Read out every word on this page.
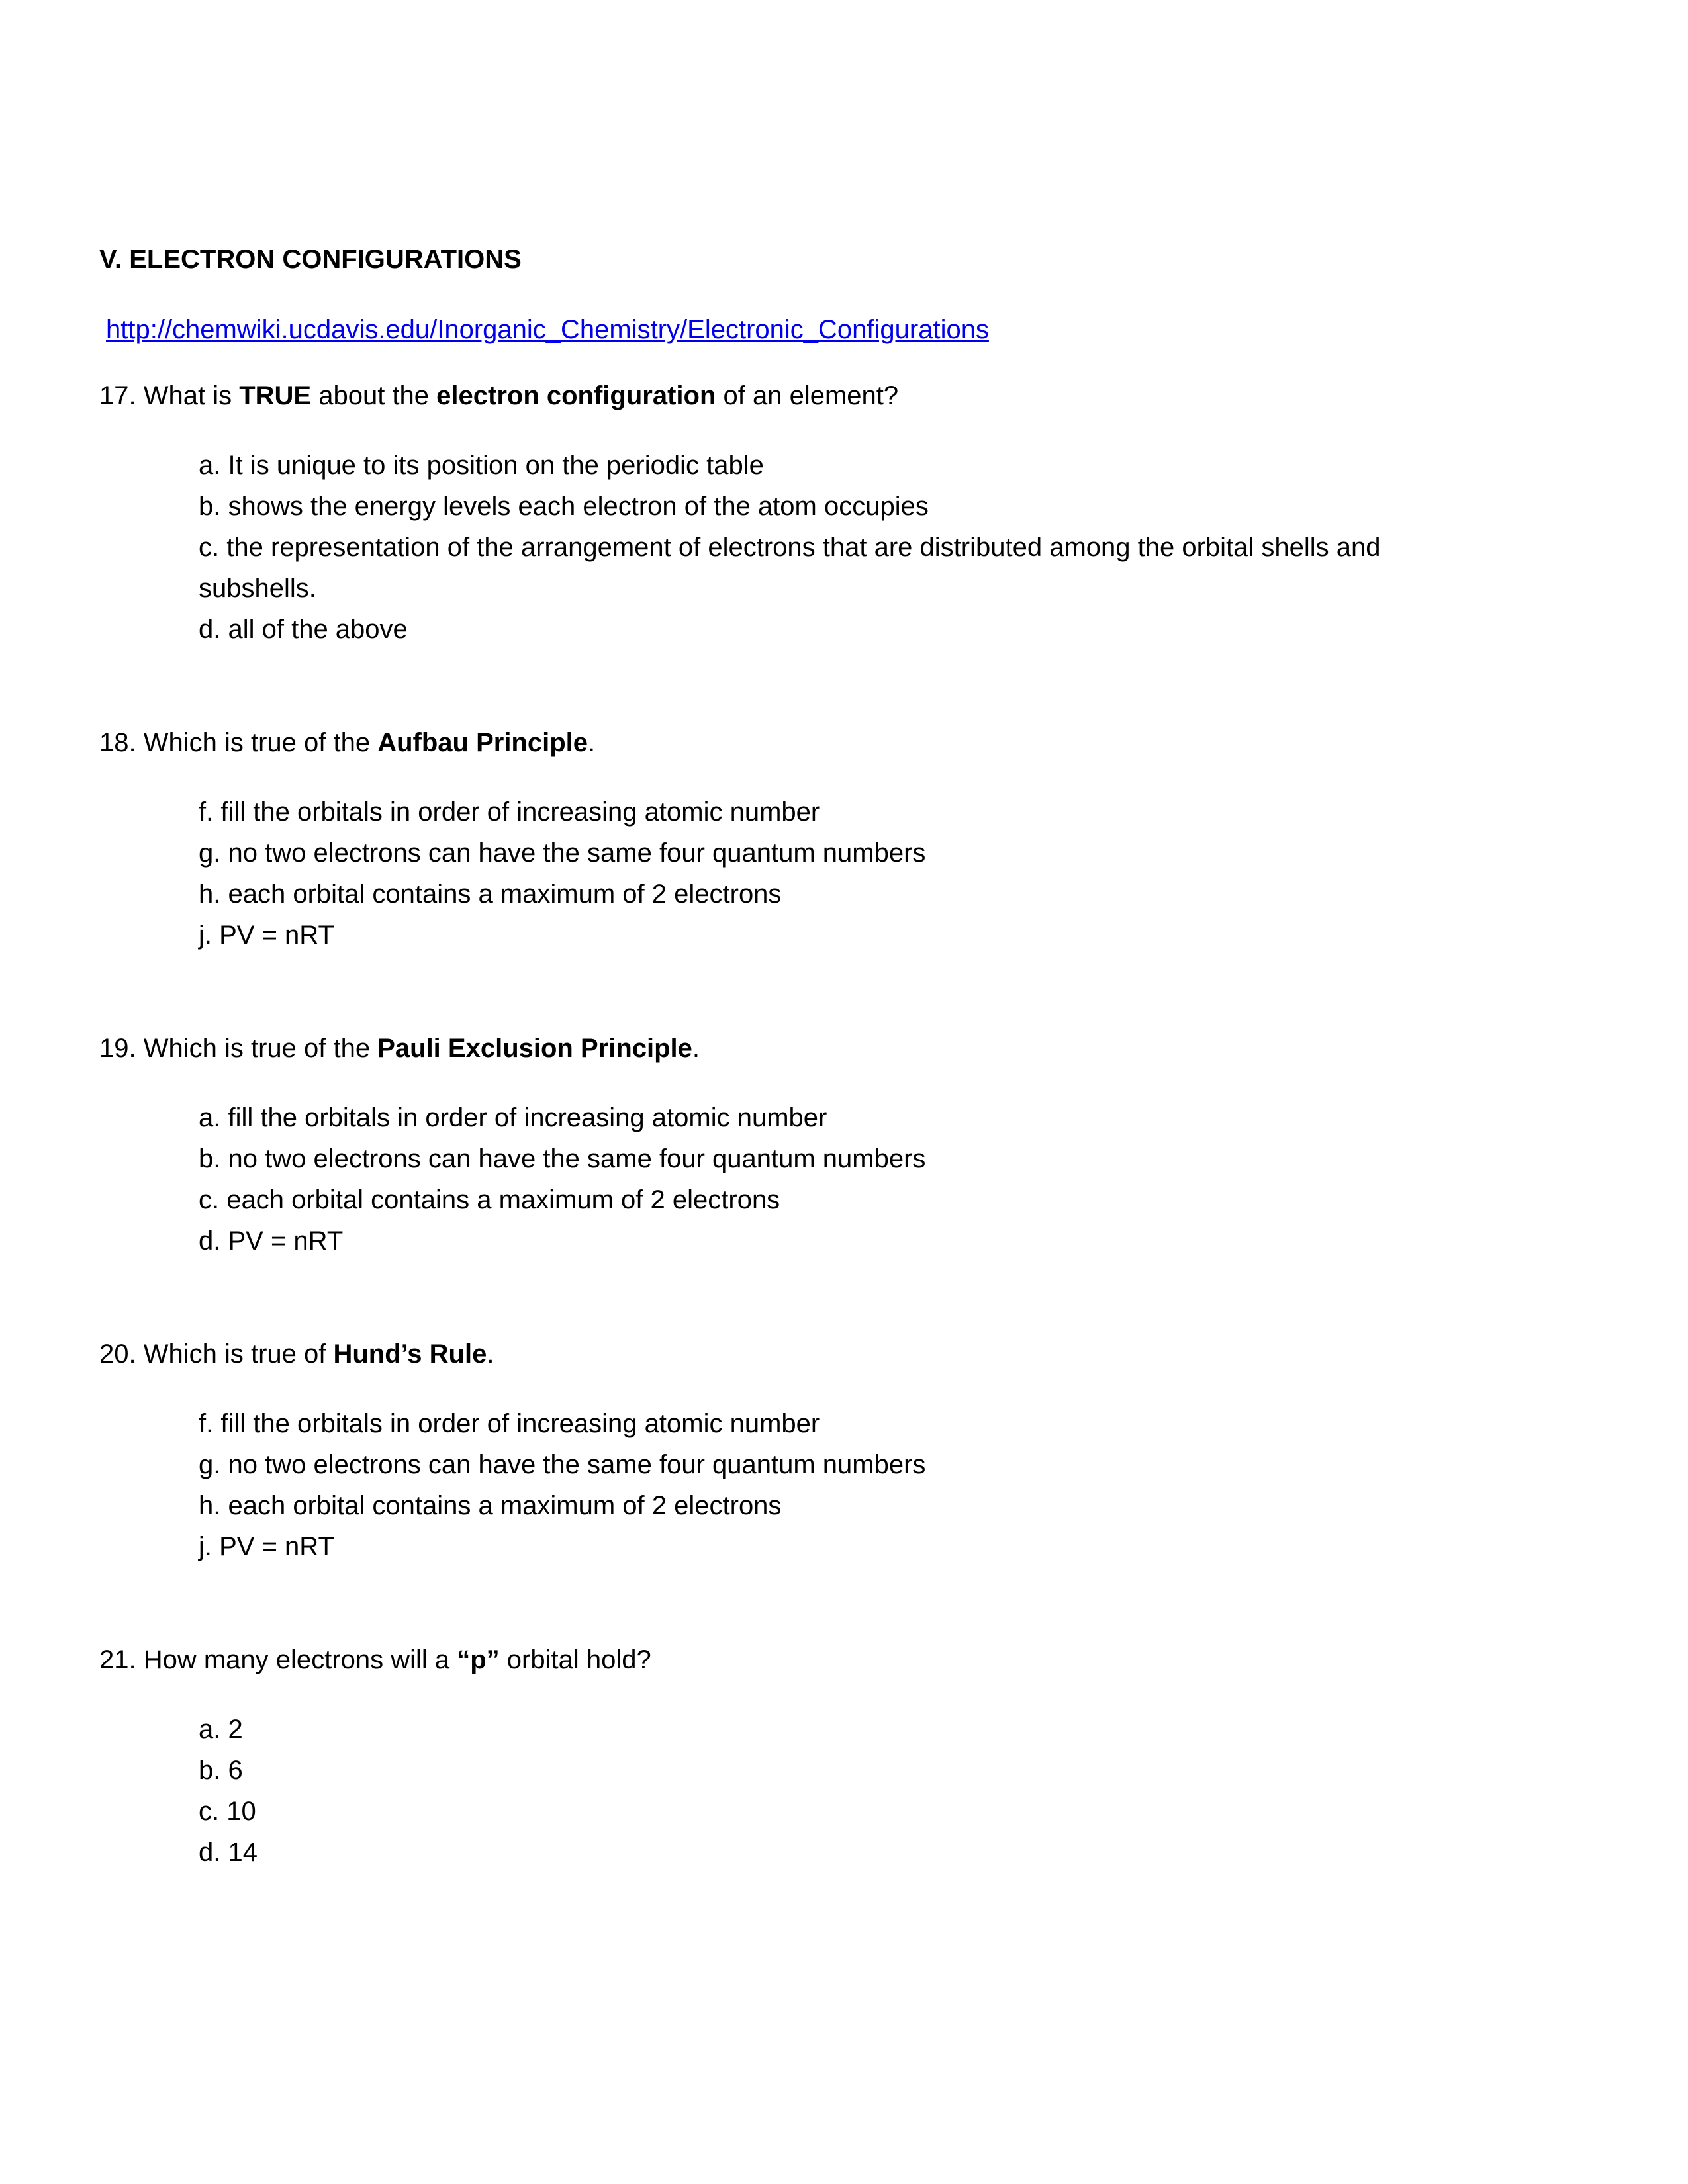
V. ELECTRON CONFIGURATIONS
http://chemwiki.ucdavis.edu/Inorganic_Chemistry/Electronic_Configurations
17. What is TRUE about the electron configuration of an element?
a. It is unique to its position on the periodic table
b. shows the energy levels each electron of the atom occupies
c. the representation of the arrangement of electrons that are distributed among the orbital shells and subshells.
d. all of the above
18. Which is true of the Aufbau Principle.
f. fill the orbitals in order of increasing atomic number
g. no two electrons can have the same four quantum numbers
h. each orbital contains a maximum of 2 electrons
j. PV = nRT
19. Which is true of the Pauli Exclusion Principle.
a. fill the orbitals in order of increasing atomic number
b. no two electrons can have the same four quantum numbers
c. each orbital contains a maximum of 2 electrons
d. PV = nRT
20. Which is true of Hund’s Rule.
f. fill the orbitals in order of increasing atomic number
g. no two electrons can have the same four quantum numbers
h. each orbital contains a maximum of 2 electrons
j. PV = nRT
21. How many electrons will a “p” orbital hold?
a. 2
b. 6
c. 10
d. 14
